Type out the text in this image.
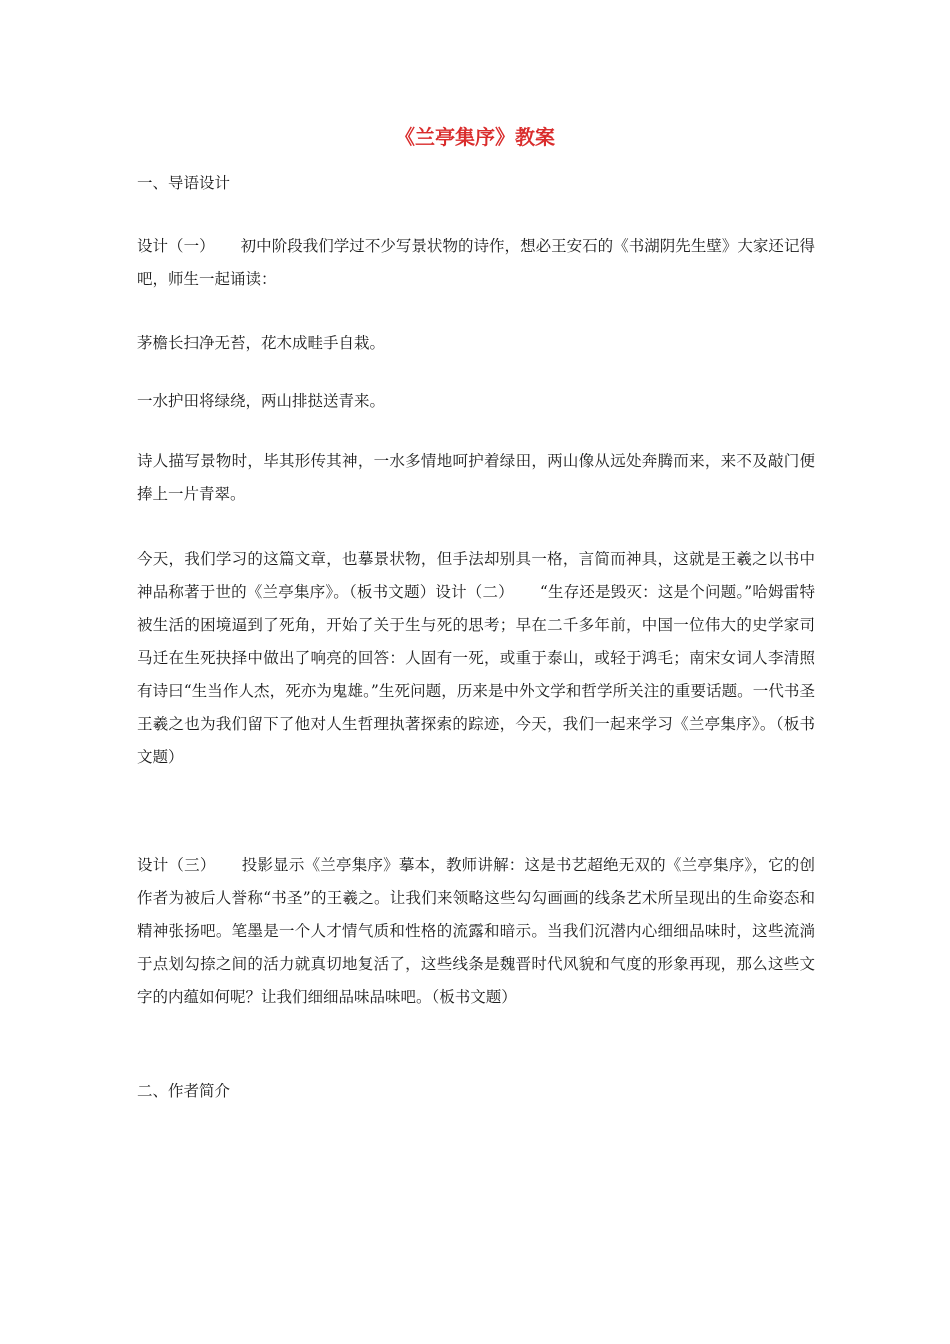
《兰亭集序》教案

一、导语设计

设计（一） 初中阶段我们学过不少写景状物的诗作，想必王安石的《书湖阴先生壁》大家还记得吧，师生一起诵读：

茅檐长扫净无苔，花木成畦手自栽。

一水护田将绿绕，两山排挞送青来。

诗人描写景物时，毕其形传其神，一水多情地呵护着绿田，两山像从远处奔腾而来，来不及敲门便捧上一片青翠。

今天，我们学习的这篇文章，也摹景状物，但手法却别具一格，言简而神具，这就是王羲之以书中神品称著于世的《兰亭集序》。（板书文题）设计（二） “生存还是毁灭：这是个问题。”哈姆雷特被生活的困境逼到了死角，开始了关于生与死的思考；早在二千多年前，中国一位伟大的史学家司马迁在生死抉择中做出了响亮的回答：人固有一死，或重于泰山，或轻于鸿毛；南宋女词人李清照有诗曰“生当作人杰，死亦为鬼雄。”生死问题，历来是中外文学和哲学所关注的重要话题。一代书圣王羲之也为我们留下了他对人生哲理执著探索的踪迹，今天，我们一起来学习《兰亭集序》。（板书文题）

设计（三） 投影显示《兰亭集序》摹本，教师讲解：这是书艺超绝无双的《兰亭集序》，它的创作者为被后人誉称“书圣”的王羲之。让我们来领略这些勾勾画画的线条艺术所呈现出的生命姿态和精神张扬吧。笔墨是一个人才情气质和性格的流露和暗示。当我们沉潜内心细细品味时，这些流淌于点划勾捺之间的活力就真切地复活了，这些线条是魏晋时代风貌和气度的形象再现，那么这些文字的内蕴如何呢？让我们细细品味品味吧。（板书文题）

二、作者简介
